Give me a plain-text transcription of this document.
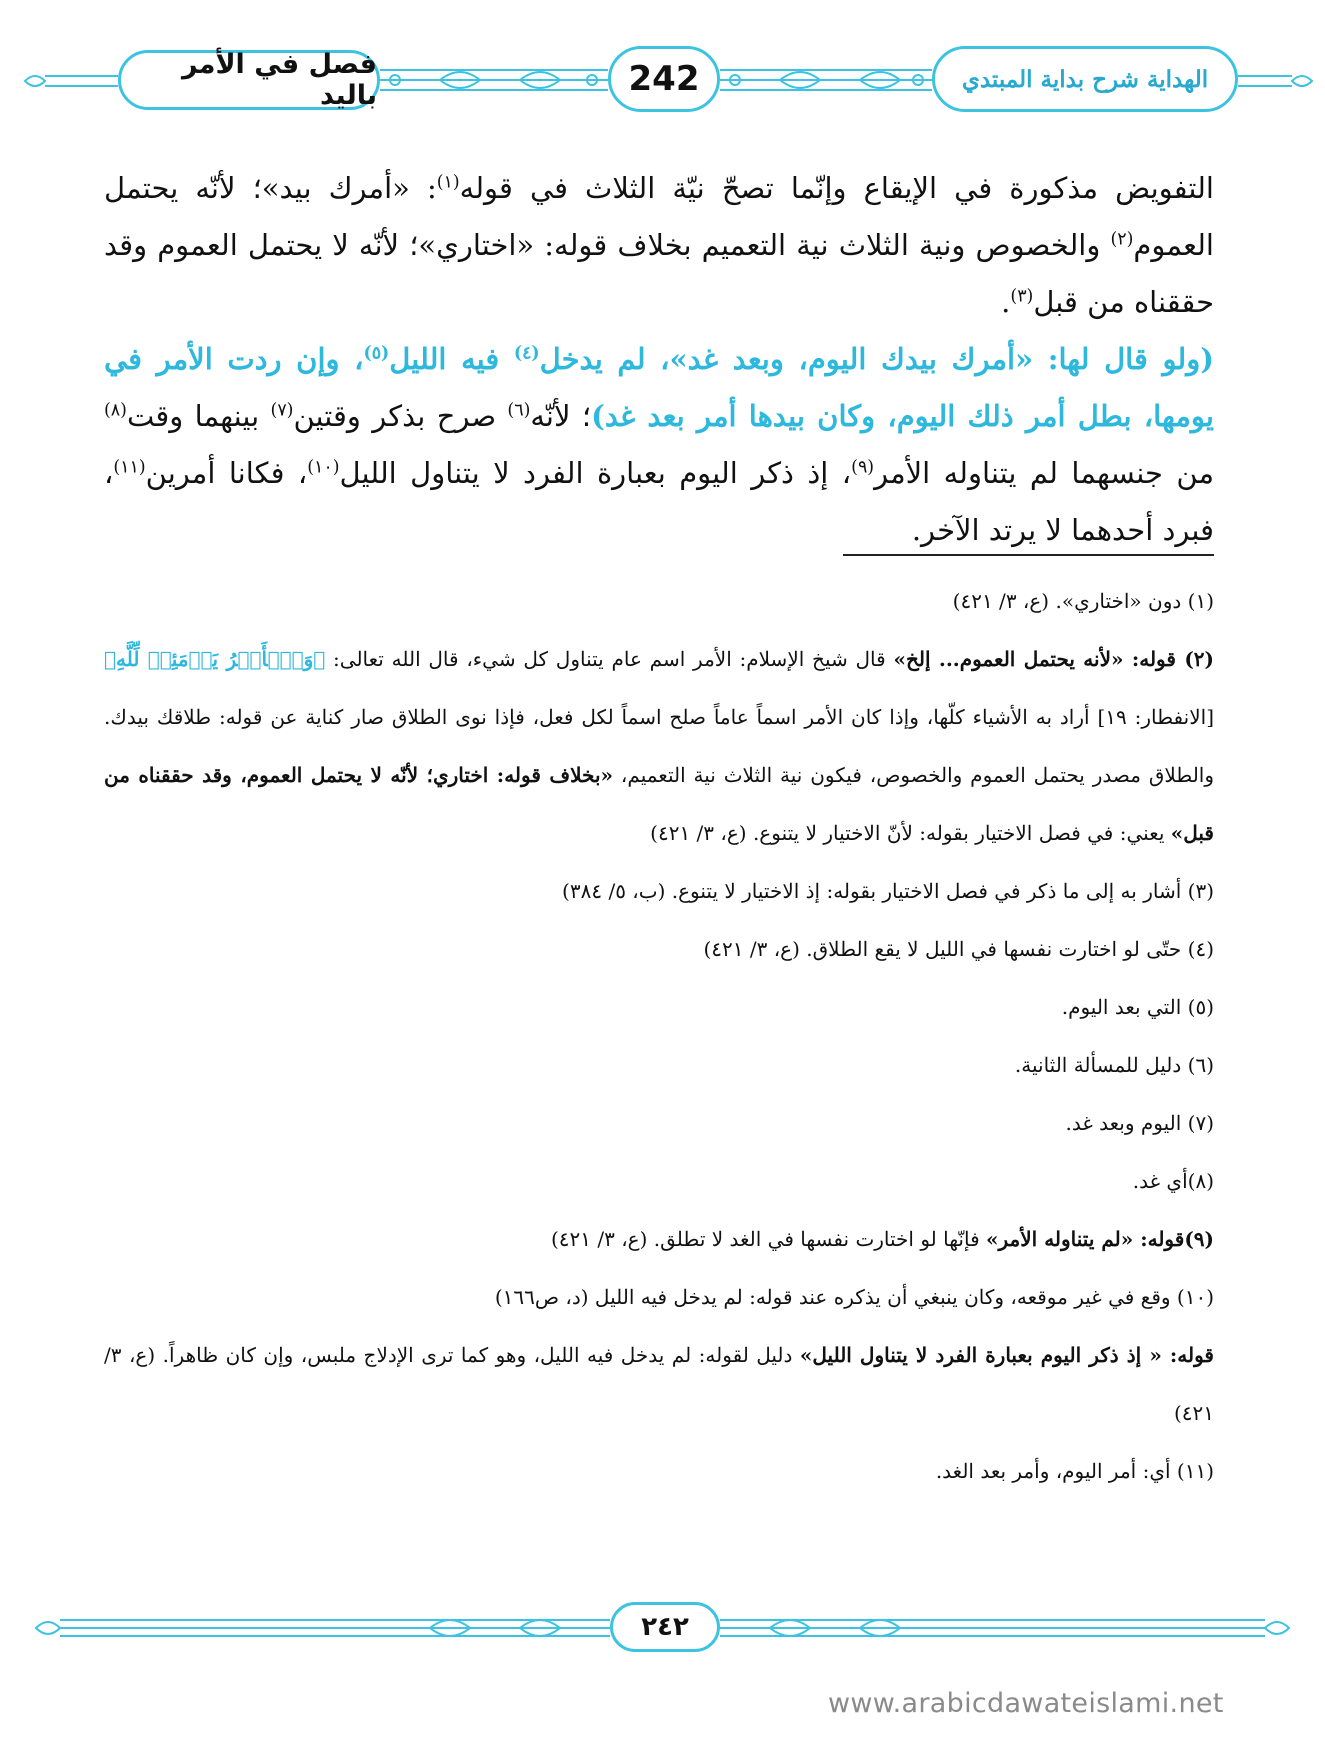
فصل في الأمر باليد	242	الهداية شرح بداية المبتدي

التفويض مذكورة في الإيقاع وإنّما تصحّ نيّة الثلاث في قوله$^{(١)}$: «أمرك بيد»؛ لأنّه يحتمل العموم$^{(٢)}$ والخصوص ونية الثلاث نية التعميم بخلاف قوله: «اختاري»؛ لأنّه لا يحتمل العموم وقد حققناه من قبل$^{(٣)}$.

(ولو قال لها: «أمرك بيدك اليوم، وبعد غد»، لم يدخل$^{(٤)}$ فيه الليل$^{(٥)}$، وإن ردت الأمر في يومها، بطل أمر ذلك اليوم، وكان بيدها أمر بعد غد)؛ لأنّه$^{(٦)}$ صرح بذكر وقتين$^{(٧)}$ بينهما وقت$^{(٨)}$ من جنسهما لم يتناوله الأمر$^{(٩)}$، إذ ذكر اليوم بعبارة الفرد لا يتناول الليل$^{(١٠)}$، فكانا أمرين$^{(١١)}$، فبرد أحدهما لا يرتد الآخر.

(١) دون «اختاري». (ع، ٣/ ٤٢١)

(٢) قوله: «لأنه يحتمل العموم... إلخ» قال شيخ الإسلام: الأمر اسم عام يتناول كل شيء، قال الله تعالى: ﴿وَٱلۡأَمۡرُ يَوۡمَئِذٖ لِّلَّهِ﴾ [الانفطار: ١٩] أراد به الأشياء كلّها، وإذا كان الأمر اسماً عاماً صلح اسماً لكل فعل، فإذا نوى الطلاق صار كناية عن قوله: طلاقك بيدك. والطلاق مصدر يحتمل العموم والخصوص، فيكون نية الثلاث نية التعميم، «بخلاف قوله: اختاري؛ لأنّه لا يحتمل العموم، وقد حققناه من قبل» يعني: في فصل الاختيار بقوله: لأنّ الاختيار لا يتنوع. (ع، ٣/ ٤٢١)

(٣) أشار به إلى ما ذكر في فصل الاختيار بقوله: إذ الاختيار لا يتنوع. (ب، ٥/ ٣٨٤)

(٤) حتّى لو اختارت نفسها في الليل لا يقع الطلاق. (ع، ٣/ ٤٢١)

(٥) التي بعد اليوم.

(٦) دليل للمسألة الثانية.

(٧) اليوم وبعد غد.

(٨)أي غد.

(٩)قوله: «لم يتناوله الأمر» فإنّها لو اختارت نفسها في الغد لا تطلق. (ع، ٣/ ٤٢١)

(١٠) وقع في غير موقعه، وكان ينبغي أن يذكره عند قوله: لم يدخل فيه الليل (د، ص١٦٦)

قوله: « إذ ذكر اليوم بعبارة الفرد لا يتناول الليل» دليل لقوله: لم يدخل فيه الليل، وهو كما ترى الإدلاج ملبس، وإن كان ظاهراً. (ع، ٣/ ٤٢١)

(١١) أي: أمر اليوم، وأمر بعد الغد.

٢٤٢
www.arabicdawateislami.net
